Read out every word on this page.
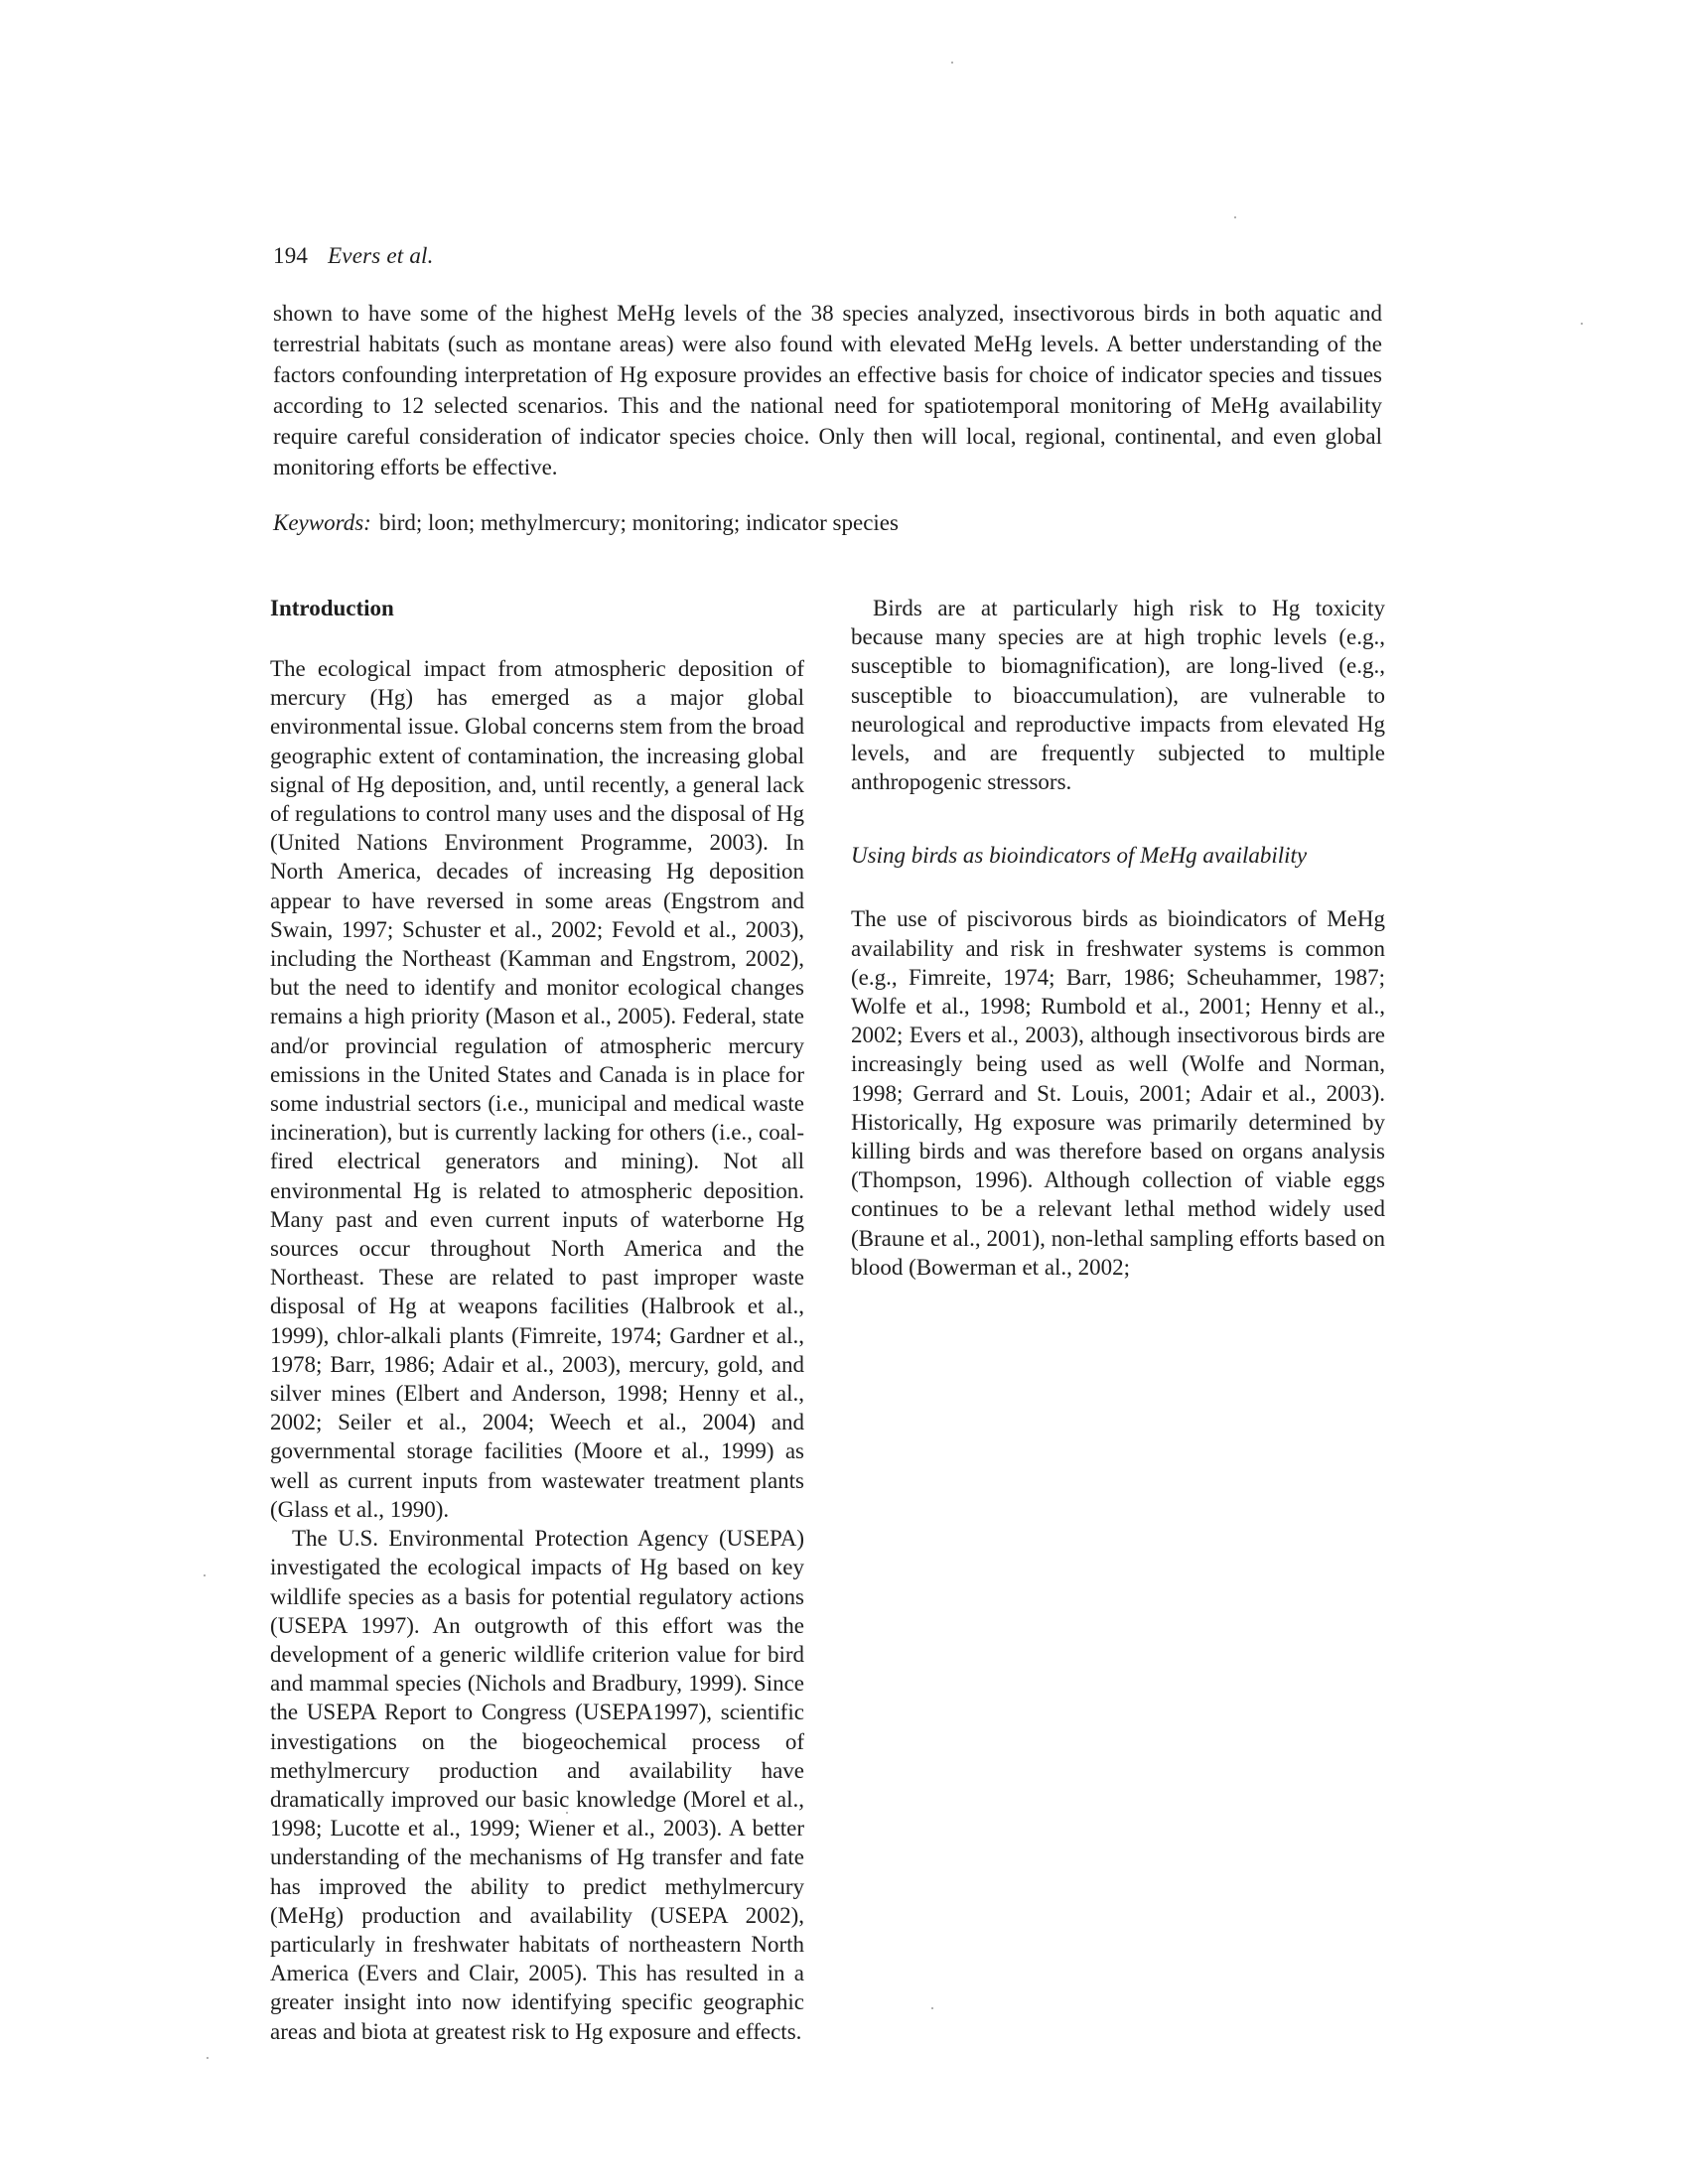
194 Evers et al.

shown to have some of the highest MeHg levels of the 38 species analyzed, insectivorous birds in both aquatic and terrestrial habitats (such as montane areas) were also found with elevated MeHg levels. A better understanding of the factors confounding interpretation of Hg exposure provides an effective basis for choice of indicator species and tissues according to 12 selected scenarios. This and the national need for spatiotemporal monitoring of MeHg availability require careful consideration of indicator species choice. Only then will local, regional, continental, and even global monitoring efforts be effective.

Keywords: bird; loon; methylmercury; monitoring; indicator species

Introduction

The ecological impact from atmospheric deposition of mercury (Hg) has emerged as a major global environmental issue. Global concerns stem from the broad geographic extent of contamination, the increasing global signal of Hg deposition, and, until recently, a general lack of regulations to control many uses and the disposal of Hg (United Nations Environment Programme, 2003). In North America, decades of increasing Hg deposition appear to have reversed in some areas (Engstrom and Swain, 1997; Schuster et al., 2002; Fevold et al., 2003), including the Northeast (Kamman and Engstrom, 2002), but the need to identify and monitor ecological changes remains a high priority (Mason et al., 2005). Federal, state and/or provincial regulation of atmospheric mercury emissions in the United States and Canada is in place for some industrial sectors (i.e., municipal and medical waste incineration), but is currently lacking for others (i.e., coal-fired electrical generators and mining). Not all environmental Hg is related to atmospheric deposition. Many past and even current inputs of waterborne Hg sources occur throughout North America and the Northeast. These are related to past improper waste disposal of Hg at weapons facilities (Halbrook et al., 1999), chlor-alkali plants (Fimreite, 1974; Gardner et al., 1978; Barr, 1986; Adair et al., 2003), mercury, gold, and silver mines (Elbert and Anderson, 1998; Henny et al., 2002; Seiler et al., 2004; Weech et al., 2004) and governmental storage facilities (Moore et al., 1999) as well as current inputs from wastewater treatment plants (Glass et al., 1990).

The U.S. Environmental Protection Agency (USEPA) investigated the ecological impacts of Hg based on key wildlife species as a basis for potential regulatory actions (USEPA 1997). An outgrowth of this effort was the development of a generic wildlife criterion value for bird and mammal species (Nichols and Bradbury, 1999). Since the USEPA Report to Congress (USEPA1997), scientific investigations on the biogeochemical process of methylmercury production and availability have dramatically improved our basic knowledge (Morel et al., 1998; Lucotte et al., 1999; Wiener et al., 2003). A better understanding of the mechanisms of Hg transfer and fate has improved the ability to predict methylmercury (MeHg) production and availability (USEPA 2002), particularly in freshwater habitats of northeastern North America (Evers and Clair, 2005). This has resulted in a greater insight into now identifying specific geographic areas and biota at greatest risk to Hg exposure and effects.

Birds are at particularly high risk to Hg toxicity because many species are at high trophic levels (e.g., susceptible to biomagnification), are long-lived (e.g., susceptible to bioaccumulation), are vulnerable to neurological and reproductive impacts from elevated Hg levels, and are frequently subjected to multiple anthropogenic stressors.

Using birds as bioindicators of MeHg availability

The use of piscivorous birds as bioindicators of MeHg availability and risk in freshwater systems is common (e.g., Fimreite, 1974; Barr, 1986; Scheuhammer, 1987; Wolfe et al., 1998; Rumbold et al., 2001; Henny et al., 2002; Evers et al., 2003), although insectivorous birds are increasingly being used as well (Wolfe and Norman, 1998; Gerrard and St. Louis, 2001; Adair et al., 2003). Historically, Hg exposure was primarily determined by killing birds and was therefore based on organs analysis (Thompson, 1996). Although collection of viable eggs continues to be a relevant lethal method widely used (Braune et al., 2001), non-lethal sampling efforts based on blood (Bowerman et al., 2002;
